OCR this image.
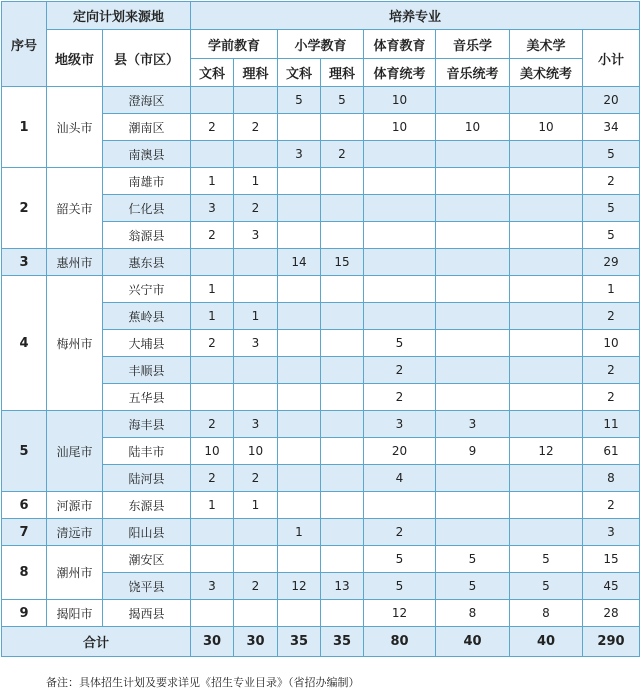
序号	定向计划来源地		培养专业							
	地级市	县（市区）	学前教育		小学教育		体育教育	音乐学	美术学	小计
			文科	理科	文科	理科	体育统考	音乐统考	美术统考	
1	汕头市	澄海区			5	5	10			20
		潮南区	2	2			10	10	10	34
		南澳县			3	2				5
2	韶关市	南雄市	1	1						2
		仁化县	3	2						5
		翁源县	2	3						5
3	惠州市	惠东县			14	15				29
4	梅州市	兴宁市	1							1
		蕉岭县	1	1						2
		大埔县	2	3			5			10
		丰顺县					2			2
		五华县					2			2
5	汕尾市	海丰县	2	3			3	3		11
		陆丰市	10	10			20	9	12	61
		陆河县	2	2			4			8
6	河源市	东源县	1	1						2
7	清远市	阳山县			1		2			3
8	潮州市	潮安区					5	5	5	15
		饶平县	3	2	12	13	5	5	5	45
9	揭阳市	揭西县					12	8	8	28
合计			30	30	35	35	80	40	40	290
备注：具体招生计划及要求详见《招生专业目录》（省招办编制）
